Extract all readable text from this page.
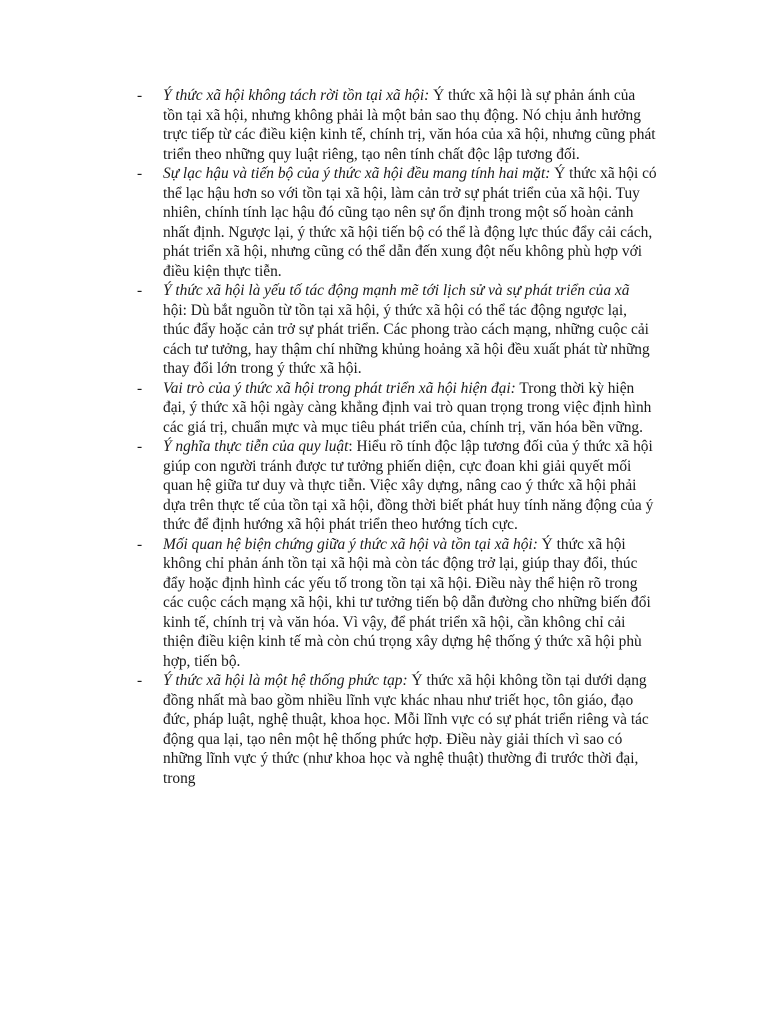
-	Ý thức xã hội không tách rời tồn tại xã hội: Ý thức xã hội là sự phản ánh của tồn tại xã hội, nhưng không phải là một bản sao thụ động. Nó chịu ảnh hưởng trực tiếp từ các điều kiện kinh tế, chính trị, văn hóa của xã hội, nhưng cũng phát triển theo những quy luật riêng, tạo nên tính chất độc lập tương đối.
-	Sự lạc hậu và tiến bộ của ý thức xã hội đều mang tính hai mặt: Ý thức xã hội có thể lạc hậu hơn so với tồn tại xã hội, làm cản trở sự phát triển của xã hội. Tuy nhiên, chính tính lạc hậu đó cũng tạo nên sự ổn định trong một số hoàn cảnh nhất định. Ngược lại, ý thức xã hội tiến bộ có thể là động lực thúc đẩy cải cách, phát triển xã hội, nhưng cũng có thể dẫn đến xung đột nếu không phù hợp với điều kiện thực tiễn.
-	Ý thức xã hội là yếu tố tác động mạnh mẽ tới lịch sử và sự phát triển của xã hội: Dù bắt nguồn từ tồn tại xã hội, ý thức xã hội có thể tác động ngược lại, thúc đẩy hoặc cản trở sự phát triển. Các phong trào cách mạng, những cuộc cải cách tư tưởng, hay thậm chí những khủng hoảng xã hội đều xuất phát từ những thay đổi lớn trong ý thức xã hội.
-	Vai trò của ý thức xã hội trong phát triển xã hội hiện đại: Trong thời kỳ hiện đại, ý thức xã hội ngày càng khẳng định vai trò quan trọng trong việc định hình các giá trị, chuẩn mực và mục tiêu phát triển của, chính trị, văn hóa bền vững.
-	Ý nghĩa thực tiễn của quy luật: Hiểu rõ tính độc lập tương đối của ý thức xã hội giúp con người tránh được tư tưởng phiến diện, cực đoan khi giải quyết mối quan hệ giữa tư duy và thực tiễn. Việc xây dựng, nâng cao ý thức xã hội phải dựa trên thực tế của tồn tại xã hội, đồng thời biết phát huy tính năng động của ý thức để định hướng xã hội phát triển theo hướng tích cực.
-	Mối quan hệ biện chứng giữa ý thức xã hội và tồn tại xã hội: Ý thức xã hội không chỉ phản ánh tồn tại xã hội mà còn tác động trở lại, giúp thay đổi, thúc đẩy hoặc định hình các yếu tố trong tồn tại xã hội. Điều này thể hiện rõ trong các cuộc cách mạng xã hội, khi tư tưởng tiến bộ dẫn đường cho những biến đổi kinh tế, chính trị và văn hóa. Vì vậy, để phát triển xã hội, cần không chỉ cải thiện điều kiện kinh tế mà còn chú trọng xây dựng hệ thống ý thức xã hội phù hợp, tiến bộ.
-	Ý thức xã hội là một hệ thống phức tạp: Ý thức xã hội không tồn tại dưới dạng đồng nhất mà bao gồm nhiều lĩnh vực khác nhau như triết học, tôn giáo, đạo đức, pháp luật, nghệ thuật, khoa học. Mỗi lĩnh vực có sự phát triển riêng và tác động qua lại, tạo nên một hệ thống phức hợp. Điều này giải thích vì sao có những lĩnh vực ý thức (như khoa học và nghệ thuật) thường đi trước thời đại, trong
